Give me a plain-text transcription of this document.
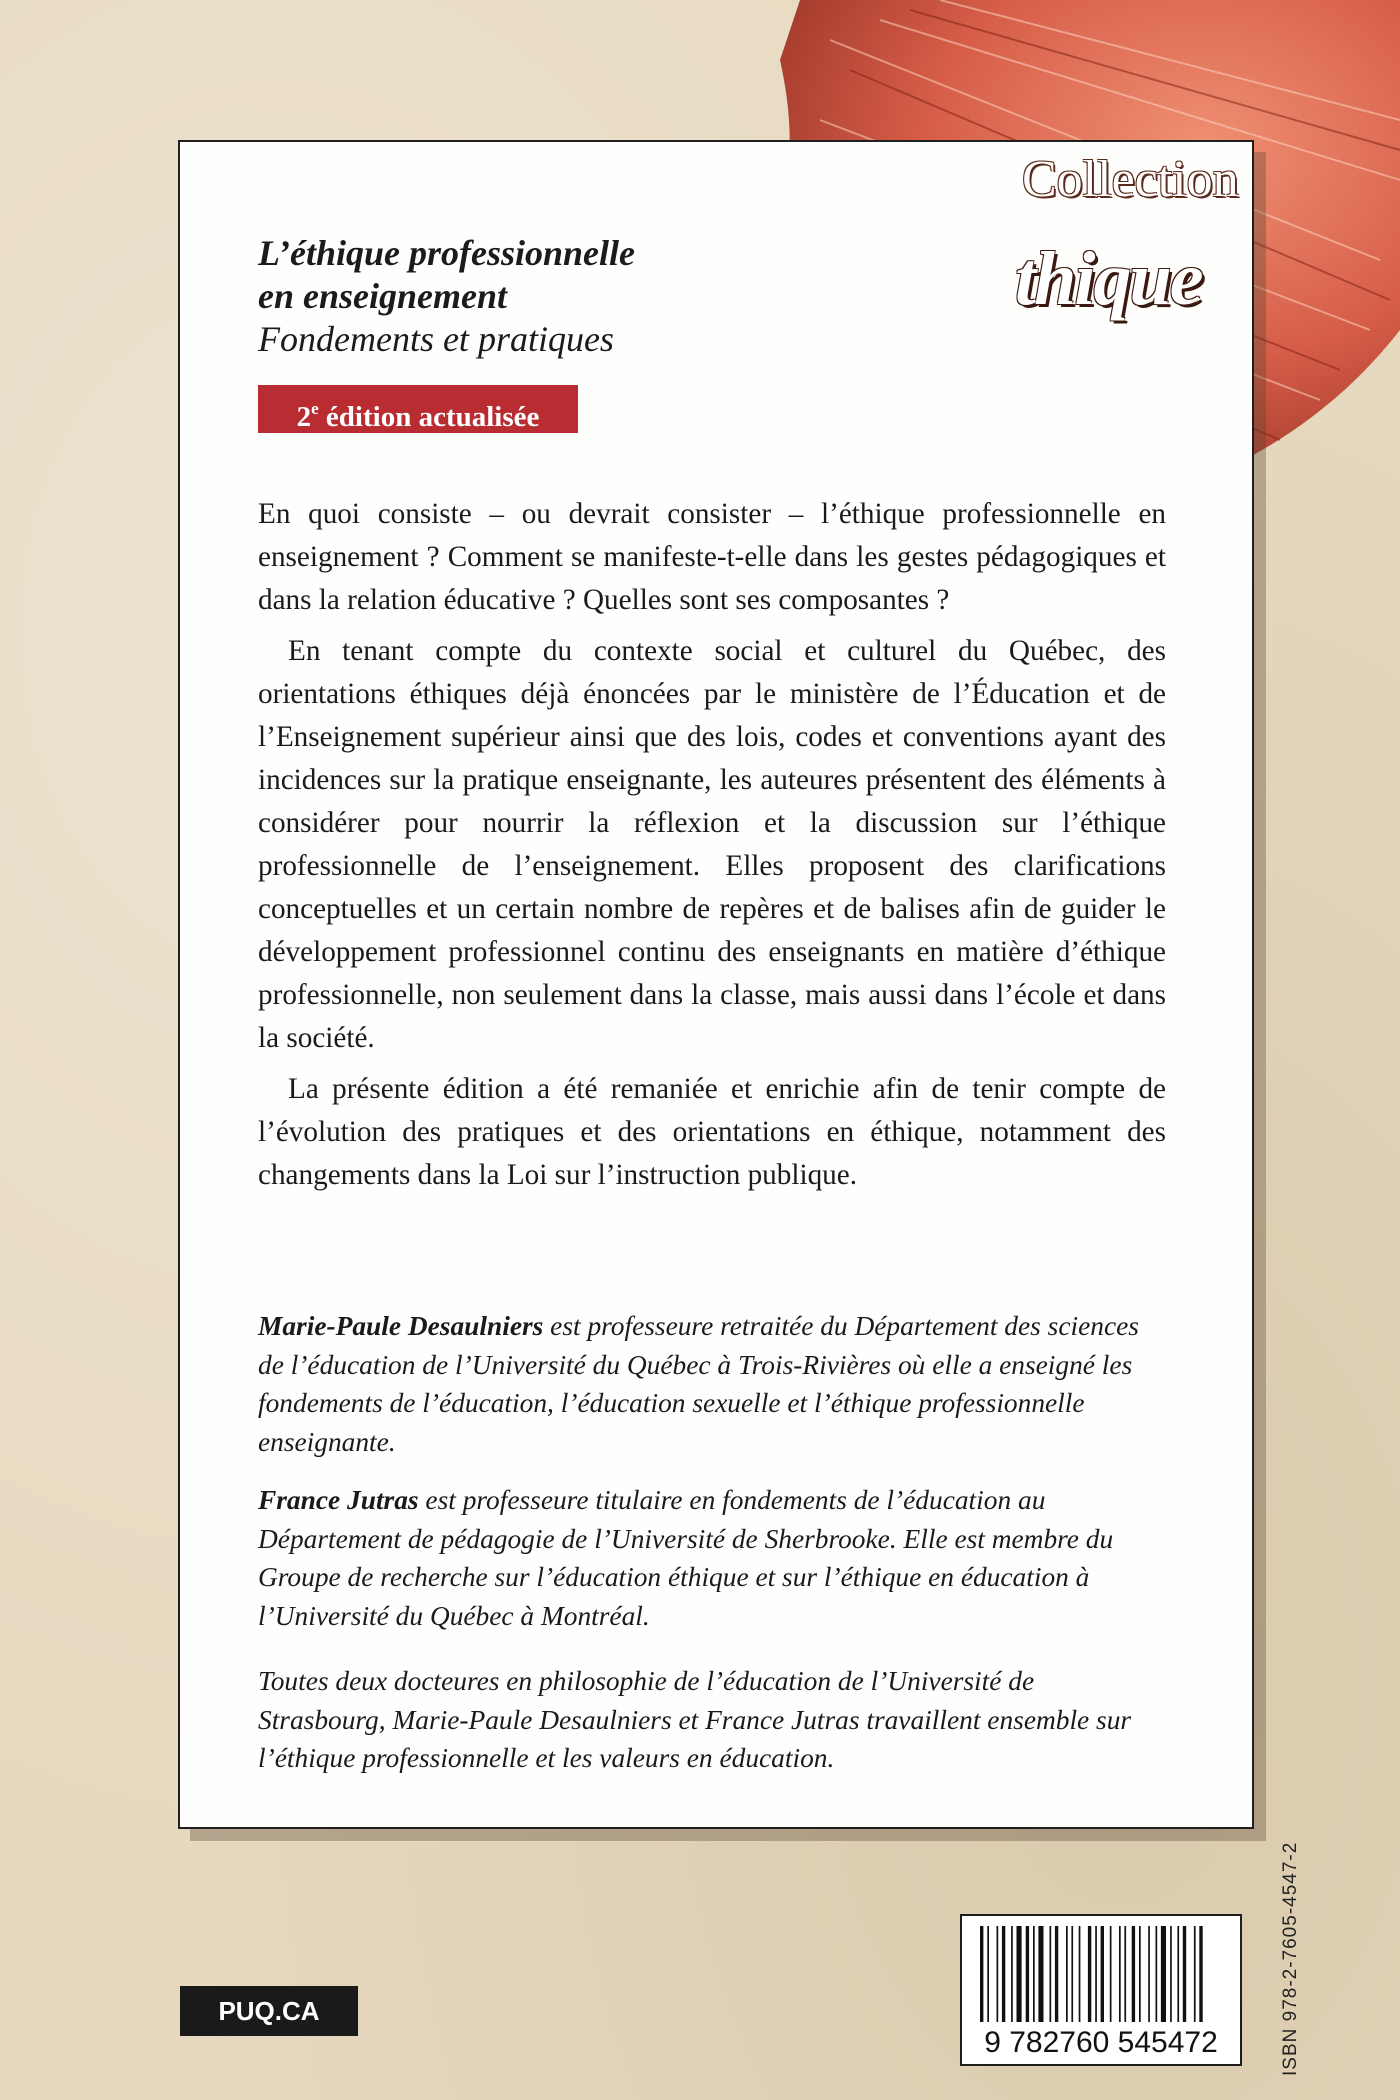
Collection
thique
L’éthique professionnelle
en enseignement
Fondements et pratiques
2e édition actualisée

En quoi consiste – ou devrait consister – l’éthique professionnelle en enseignement ? Comment se manifeste-t-elle dans les gestes pédagogiques et dans la relation éducative ? Quelles sont ses composantes ?

En tenant compte du contexte social et culturel du Québec, des orientations éthiques déjà énoncées par le ministère de l’Éducation et de l’Enseignement supérieur ainsi que des lois, codes et conventions ayant des incidences sur la pratique enseignante, les auteures présentent des éléments à considérer pour nourrir la réflexion et la discussion sur l’éthique professionnelle de l’enseignement. Elles proposent des clarifications conceptuelles et un certain nombre de repères et de balises afin de guider le développement professionnel continu des enseignants en matière d’éthique professionnelle, non seulement dans la classe, mais aussi dans l’école et dans la société.

La présente édition a été remaniée et enrichie afin de tenir compte de l’évolution des pratiques et des orientations en éthique, notamment des changements dans la Loi sur l’instruction publique.

Marie-Paule Desaulniers est professeure retraitée du Département des sciences de l’éducation de l’Université du Québec à Trois-Rivières où elle a enseigné les fondements de l’éducation, l’éducation sexuelle et l’éthique professionnelle enseignante.
France Jutras est professeure titulaire en fondements de l’éducation au Département de pédagogie de l’Université de Sherbrooke. Elle est membre du Groupe de recherche sur l’éducation éthique et sur l’éthique en éducation à l’Université du Québec à Montréal.
Toutes deux docteures en philosophie de l’éducation de l’Université de Strasbourg, Marie-Paule Desaulniers et France Jutras travaillent ensemble sur l’éthique professionnelle et les valeurs en éducation.
9 782760 545472	ISBN 978-2-7605-4547-2
PUQ.CA
